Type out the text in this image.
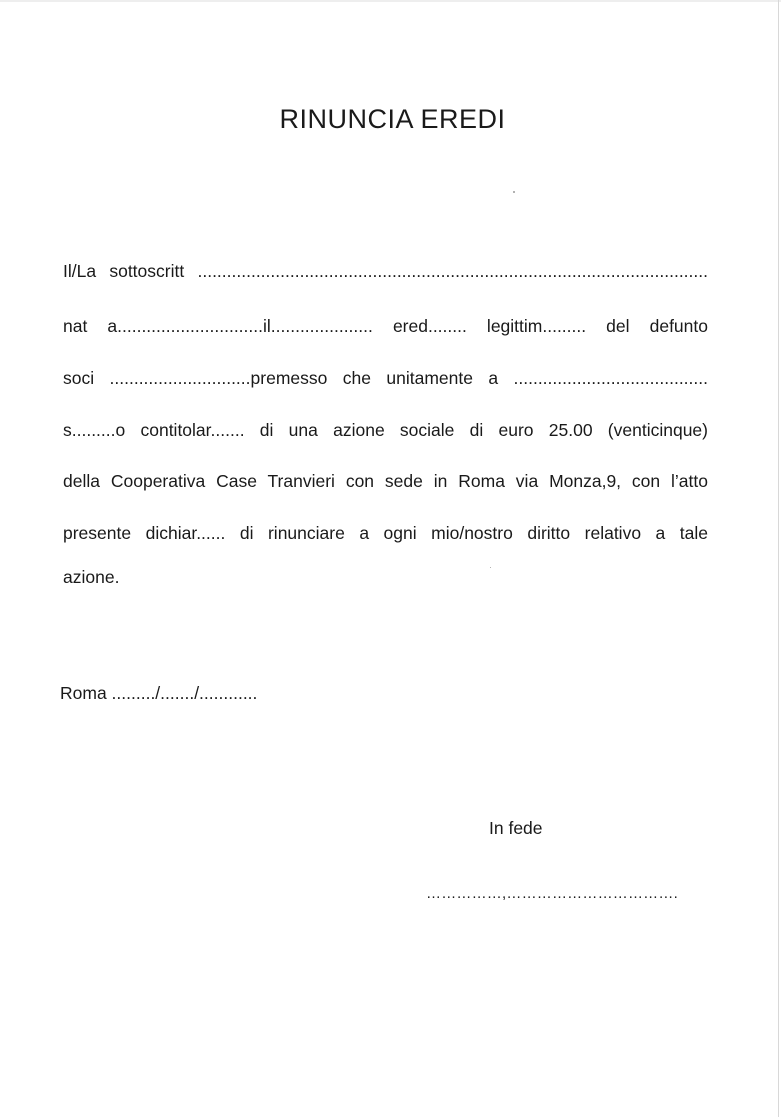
RINUNCIA EREDI
Il/La sottoscritt .........................................................................................................
nat a..............................il..................... ered........ legittim......... del defunto
soci .............................premesso che unitamente a ........................................
s.........o contitolar....... di una azione sociale di euro 25.00 (venticinque)
della Cooperativa Case Tranvieri con sede in Roma via Monza,9, con l’atto
presente dichiar...... di rinunciare a ogni mio/nostro diritto relativo a tale
azione.
Roma ........./......./............
In fede
……………,…………………………….
